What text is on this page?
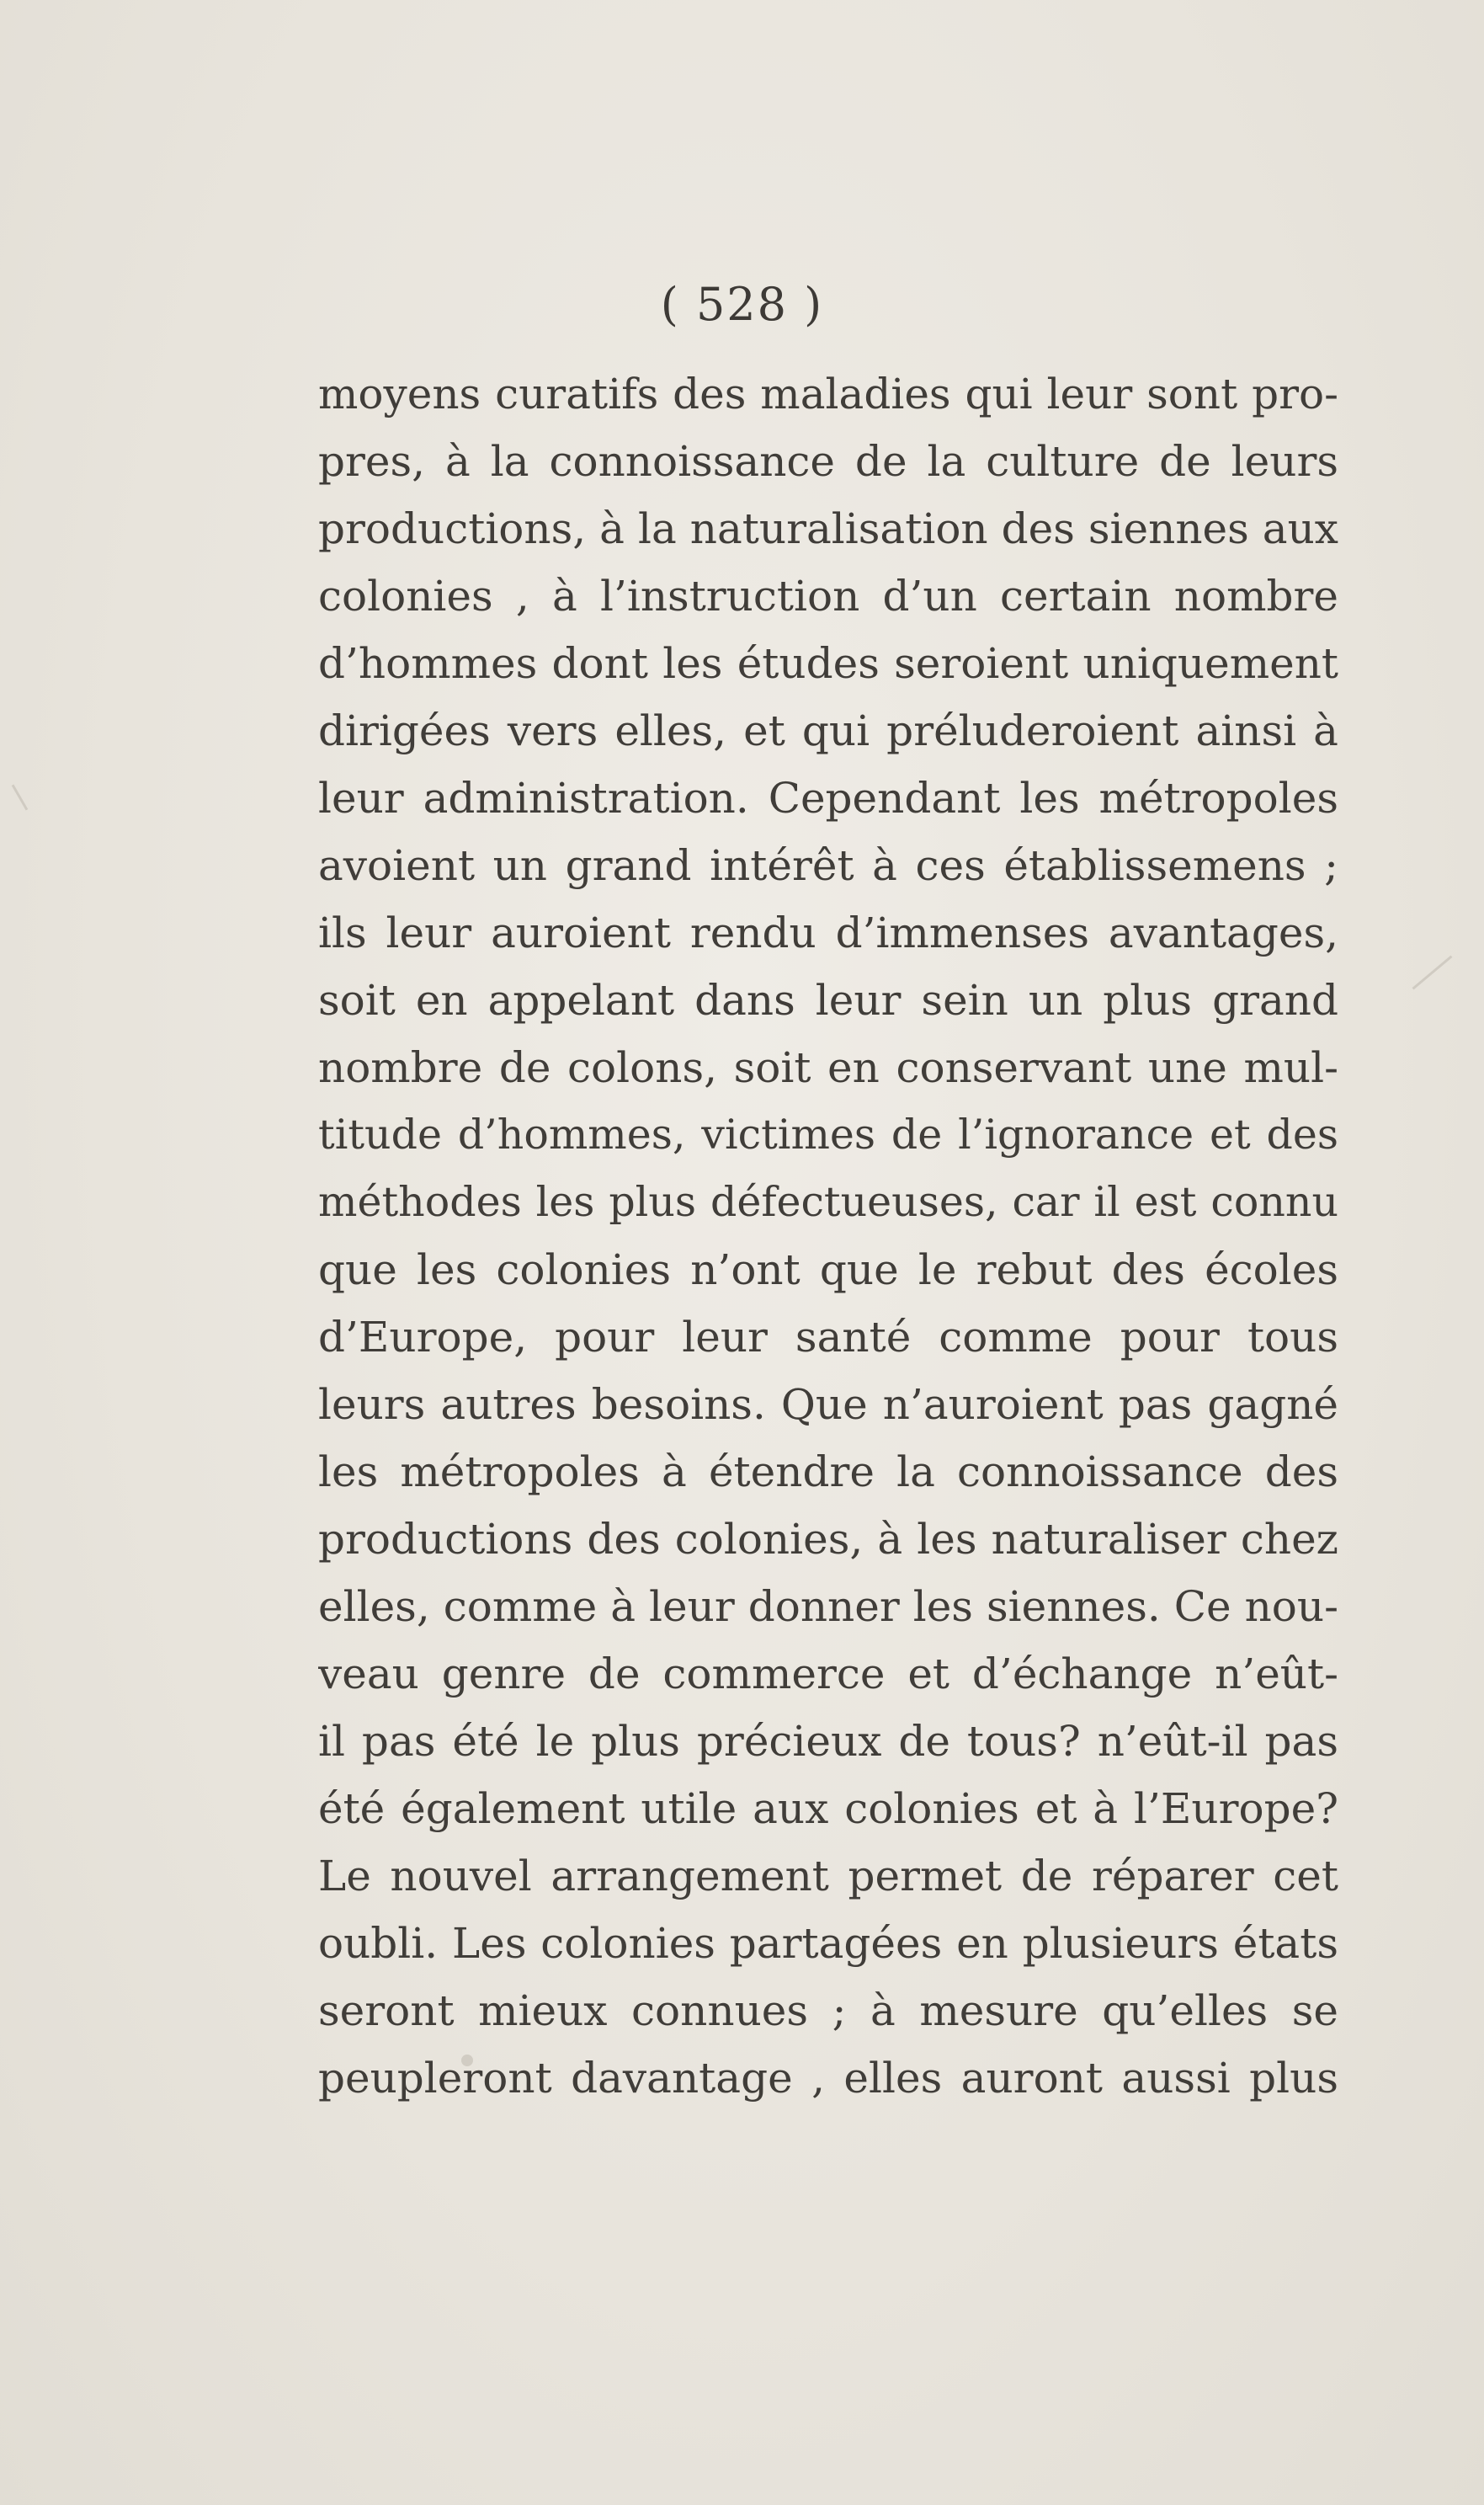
( 528 )
moyens curatifs des maladies qui leur sont pro-
pres, à la connoissance de la culture de leurs
productions, à la naturalisation des siennes aux
colonies , à l’instruction d’un certain nombre
d’hommes dont les études seroient uniquement
dirigées vers elles, et qui préluderoient ainsi à
leur administration. Cependant les métropoles
avoient un grand intérêt à ces établissemens ;
ils leur auroient rendu d’immenses avantages,
soit en appelant dans leur sein un plus grand
nombre de colons, soit en conservant une mul-
titude d’hommes, victimes de l’ignorance et des
méthodes les plus défectueuses, car il est connu
que les colonies n’ont que le rebut des écoles
d’Europe, pour leur santé comme pour tous
leurs autres besoins. Que n’auroient pas gagné
les métropoles à étendre la connoissance des
productions des colonies, à les naturaliser chez
elles, comme à leur donner les siennes. Ce nou-
veau genre de commerce et d’échange n’eût-
il pas été le plus précieux de tous? n’eût-il pas
été également utile aux colonies et à l’Europe?
Le nouvel arrangement permet de réparer cet
oubli. Les colonies partagées en plusieurs états
seront mieux connues ; à mesure qu’elles se
peupleront davantage , elles auront aussi plus
